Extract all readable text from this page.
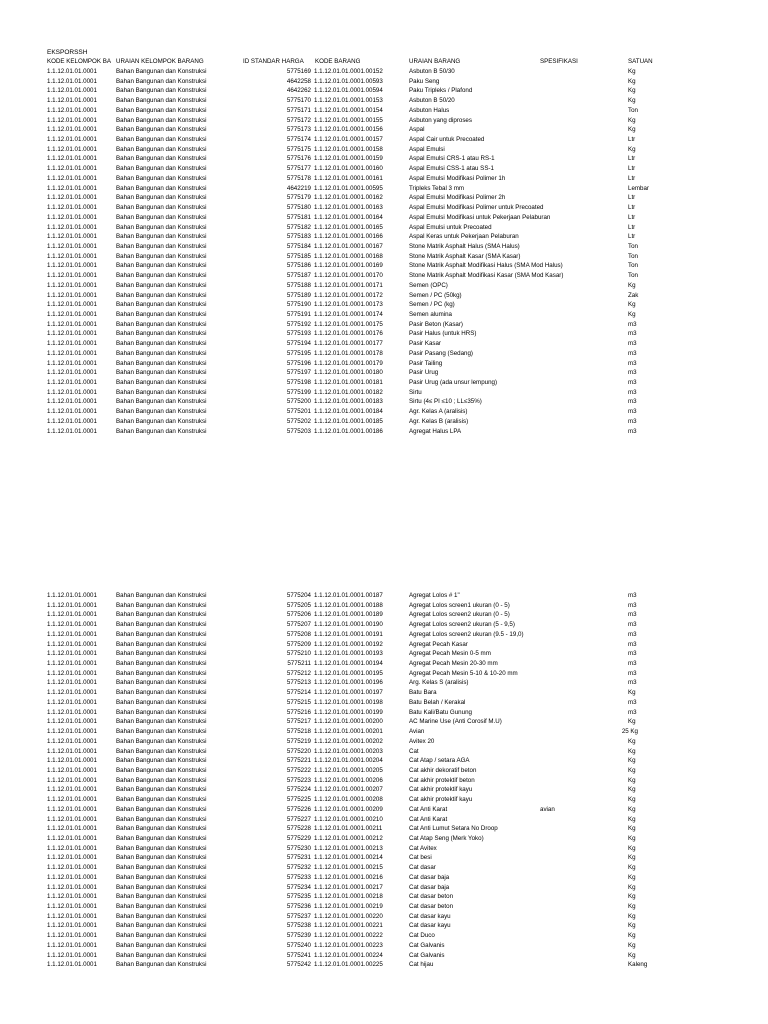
EKSPORSSH
KODE KELOMPOK BA URAIAN KELOMPOK BARANG	ID STANDAR HARGA KODE BARANG	URAIAN BARANG	SPESIFIKASI	SATUAN
1.1.12.01.01.0001	Bahan Bangunan dan Konstruksi	5775169 1.1.12.01.01.0001.00152	Asbuton B 50/30	Kg
1.1.12.01.01.0001	Bahan Bangunan dan Konstruksi	4642258 1.1.12.01.01.0001.00593	Paku Seng	Kg
1.1.12.01.01.0001	Bahan Bangunan dan Konstruksi	4642262 1.1.12.01.01.0001.00594	Paku Tripleks / Plafond	Kg
1.1.12.01.01.0001	Bahan Bangunan dan Konstruksi	5775170 1.1.12.01.01.0001.00153	Asbuton B 50/20	Kg
1.1.12.01.01.0001	Bahan Bangunan dan Konstruksi	5775171 1.1.12.01.01.0001.00154	Asbuton Halus	Ton
1.1.12.01.01.0001	Bahan Bangunan dan Konstruksi	5775172 1.1.12.01.01.0001.00155	Asbuton yang diproses	Kg
1.1.12.01.01.0001	Bahan Bangunan dan Konstruksi	5775173 1.1.12.01.01.0001.00156	Aspal	Kg
1.1.12.01.01.0001	Bahan Bangunan dan Konstruksi	5775174 1.1.12.01.01.0001.00157	Aspal Cair untuk Precoated	Ltr
1.1.12.01.01.0001	Bahan Bangunan dan Konstruksi	5775175 1.1.12.01.01.0001.00158	Aspal Emulsi	Kg
1.1.12.01.01.0001	Bahan Bangunan dan Konstruksi	5775176 1.1.12.01.01.0001.00159	Aspal Emulsi CRS-1 atau RS-1	Ltr
1.1.12.01.01.0001	Bahan Bangunan dan Konstruksi	5775177 1.1.12.01.01.0001.00160	Aspal Emulsi CSS-1 atau SS-1	Ltr
1.1.12.01.01.0001	Bahan Bangunan dan Konstruksi	5775178 1.1.12.01.01.0001.00161	Aspal Emulsi Modifikasi Polimer 1h	Ltr
1.1.12.01.01.0001	Bahan Bangunan dan Konstruksi	4642219 1.1.12.01.01.0001.00595	Tripleks Tebal 3 mm	Lembar
1.1.12.01.01.0001	Bahan Bangunan dan Konstruksi	5775179 1.1.12.01.01.0001.00162	Aspal Emulsi Modifikasi Polimer 2h	Ltr
1.1.12.01.01.0001	Bahan Bangunan dan Konstruksi	5775180 1.1.12.01.01.0001.00163	Aspal Emulsi Modifikasi Polimer untuk Precoated	Ltr
1.1.12.01.01.0001	Bahan Bangunan dan Konstruksi	5775181 1.1.12.01.01.0001.00164	Aspal Emulsi Modifikasi untuk Pekerjaan Pelaburan	Ltr
1.1.12.01.01.0001	Bahan Bangunan dan Konstruksi	5775182 1.1.12.01.01.0001.00165	Aspal Emulsi untuk Precoated	Ltr
1.1.12.01.01.0001	Bahan Bangunan dan Konstruksi	5775183 1.1.12.01.01.0001.00166	Aspal Keras untuk Pekerjaan Pelaburan	Ltr
1.1.12.01.01.0001	Bahan Bangunan dan Konstruksi	5775184 1.1.12.01.01.0001.00167	Stone Matrik Asphalt Halus (SMA Halus)	Ton
1.1.12.01.01.0001	Bahan Bangunan dan Konstruksi	5775185 1.1.12.01.01.0001.00168	Stone Matrik Asphalt Kasar (SMA Kasar)	Ton
1.1.12.01.01.0001	Bahan Bangunan dan Konstruksi	5775186 1.1.12.01.01.0001.00169	Stone Matrik Asphalt Modifikasi Halus (SMA Mod Halus)	Ton
1.1.12.01.01.0001	Bahan Bangunan dan Konstruksi	5775187 1.1.12.01.01.0001.00170	Stone Matrik Asphalt Modifikasi Kasar (SMA Mod Kasar)	Ton
1.1.12.01.01.0001	Bahan Bangunan dan Konstruksi	5775188 1.1.12.01.01.0001.00171	Semen (OPC)	Kg
1.1.12.01.01.0001	Bahan Bangunan dan Konstruksi	5775189 1.1.12.01.01.0001.00172	Semen / PC (50kg)	Zak
1.1.12.01.01.0001	Bahan Bangunan dan Konstruksi	5775190 1.1.12.01.01.0001.00173	Semen / PC (kg)	Kg
1.1.12.01.01.0001	Bahan Bangunan dan Konstruksi	5775191 1.1.12.01.01.0001.00174	Semen alumina	Kg
1.1.12.01.01.0001	Bahan Bangunan dan Konstruksi	5775192 1.1.12.01.01.0001.00175	Pasir Beton (Kasar)	m3
1.1.12.01.01.0001	Bahan Bangunan dan Konstruksi	5775193 1.1.12.01.01.0001.00176	Pasir Halus (untuk HRS)	m3
1.1.12.01.01.0001	Bahan Bangunan dan Konstruksi	5775194 1.1.12.01.01.0001.00177	Pasir Kasar	m3
1.1.12.01.01.0001	Bahan Bangunan dan Konstruksi	5775195 1.1.12.01.01.0001.00178	Pasir Pasang (Sedang)	m3
1.1.12.01.01.0001	Bahan Bangunan dan Konstruksi	5775196 1.1.12.01.01.0001.00179	Pasir Tailing	m3
1.1.12.01.01.0001	Bahan Bangunan dan Konstruksi	5775197 1.1.12.01.01.0001.00180	Pasir Urug	m3
1.1.12.01.01.0001	Bahan Bangunan dan Konstruksi	5775198 1.1.12.01.01.0001.00181	Pasir Urug (ada unsur lempung)	m3
1.1.12.01.01.0001	Bahan Bangunan dan Konstruksi	5775199 1.1.12.01.01.0001.00182	Sirtu	m3
1.1.12.01.01.0001	Bahan Bangunan dan Konstruksi	5775200 1.1.12.01.01.0001.00183	Sirtu (4≤ PI ≤10 ; LL≤35%)	m3
1.1.12.01.01.0001	Bahan Bangunan dan Konstruksi	5775201 1.1.12.01.01.0001.00184	Agr. Kelas A (aralisis)	m3
1.1.12.01.01.0001	Bahan Bangunan dan Konstruksi	5775202 1.1.12.01.01.0001.00185	Agr. Kelas B (aralisis)	m3
1.1.12.01.01.0001	Bahan Bangunan dan Konstruksi	5775203 1.1.12.01.01.0001.00186	Agregat Halus LPA	m3
1.1.12.01.01.0001	Bahan Bangunan dan Konstruksi	5775204 1.1.12.01.01.0001.00187	Agregat Lolos # 1"	m3
1.1.12.01.01.0001	Bahan Bangunan dan Konstruksi	5775205 1.1.12.01.01.0001.00188	Agregat Lolos screen1 ukuran (0 - 5)	m3
1.1.12.01.01.0001	Bahan Bangunan dan Konstruksi	5775206 1.1.12.01.01.0001.00189	Agregat Lolos screen2 ukuran (0 - 5)	m3
1.1.12.01.01.0001	Bahan Bangunan dan Konstruksi	5775207 1.1.12.01.01.0001.00190	Agregat Lolos screen2 ukuran (5 - 9,5)	m3
1.1.12.01.01.0001	Bahan Bangunan dan Konstruksi	5775208 1.1.12.01.01.0001.00191	Agregat Lolos screen2 ukuran (9.5 - 19,0)	m3
1.1.12.01.01.0001	Bahan Bangunan dan Konstruksi	5775209 1.1.12.01.01.0001.00192	Agregat Pecah Kasar	m3
1.1.12.01.01.0001	Bahan Bangunan dan Konstruksi	5775210 1.1.12.01.01.0001.00193	Agregat Pecah Mesin 0-5 mm	m3
1.1.12.01.01.0001	Bahan Bangunan dan Konstruksi	5775211 1.1.12.01.01.0001.00194	Agregat Pecah Mesin 20-30 mm	m3
1.1.12.01.01.0001	Bahan Bangunan dan Konstruksi	5775212 1.1.12.01.01.0001.00195	Agregat Pecah Mesin 5-10 & 10-20 mm	m3
1.1.12.01.01.0001	Bahan Bangunan dan Konstruksi	5775213 1.1.12.01.01.0001.00196	Arg. Kelas S (aralisis)	m3
1.1.12.01.01.0001	Bahan Bangunan dan Konstruksi	5775214 1.1.12.01.01.0001.00197	Batu Bara	Kg
1.1.12.01.01.0001	Bahan Bangunan dan Konstruksi	5775215 1.1.12.01.01.0001.00198	Batu Belah / Kerakal	m3
1.1.12.01.01.0001	Bahan Bangunan dan Konstruksi	5775216 1.1.12.01.01.0001.00199	Batu Kali/Batu Gunung	m3
1.1.12.01.01.0001	Bahan Bangunan dan Konstruksi	5775217 1.1.12.01.01.0001.00200	AC Marine Use (Anti Corosif M.U)	Kg
1.1.12.01.01.0001	Bahan Bangunan dan Konstruksi	5775218 1.1.12.01.01.0001.00201	Avian	25 Kg
1.1.12.01.01.0001	Bahan Bangunan dan Konstruksi	5775219 1.1.12.01.01.0001.00202	Avitex 20	Kg
1.1.12.01.01.0001	Bahan Bangunan dan Konstruksi	5775220 1.1.12.01.01.0001.00203	Cat	Kg
1.1.12.01.01.0001	Bahan Bangunan dan Konstruksi	5775221 1.1.12.01.01.0001.00204	Cat Atap / setara AGA	Kg
1.1.12.01.01.0001	Bahan Bangunan dan Konstruksi	5775222 1.1.12.01.01.0001.00205	Cat akhir dekoratif beton	Kg
1.1.12.01.01.0001	Bahan Bangunan dan Konstruksi	5775223 1.1.12.01.01.0001.00206	Cat akhir protektif beton	Kg
1.1.12.01.01.0001	Bahan Bangunan dan Konstruksi	5775224 1.1.12.01.01.0001.00207	Cat akhir protektif kayu	Kg
1.1.12.01.01.0001	Bahan Bangunan dan Konstruksi	5775225 1.1.12.01.01.0001.00208	Cat akhir protektif kayu	Kg
1.1.12.01.01.0001	Bahan Bangunan dan Konstruksi	5775226 1.1.12.01.01.0001.00209	Cat Anti Karat	avian	Kg
1.1.12.01.01.0001	Bahan Bangunan dan Konstruksi	5775227 1.1.12.01.01.0001.00210	Cat Anti Karat	Kg
1.1.12.01.01.0001	Bahan Bangunan dan Konstruksi	5775228 1.1.12.01.01.0001.00211	Cat Anti Lumut Setara No Droop	Kg
1.1.12.01.01.0001	Bahan Bangunan dan Konstruksi	5775229 1.1.12.01.01.0001.00212	Cat Atap Seng (Merk Yoko)	Kg
1.1.12.01.01.0001	Bahan Bangunan dan Konstruksi	5775230 1.1.12.01.01.0001.00213	Cat Avitex	Kg
1.1.12.01.01.0001	Bahan Bangunan dan Konstruksi	5775231 1.1.12.01.01.0001.00214	Cat besi	Kg
1.1.12.01.01.0001	Bahan Bangunan dan Konstruksi	5775232 1.1.12.01.01.0001.00215	Cat dasar	Kg
1.1.12.01.01.0001	Bahan Bangunan dan Konstruksi	5775233 1.1.12.01.01.0001.00216	Cat dasar baja	Kg
1.1.12.01.01.0001	Bahan Bangunan dan Konstruksi	5775234 1.1.12.01.01.0001.00217	Cat dasar baja	Kg
1.1.12.01.01.0001	Bahan Bangunan dan Konstruksi	5775235 1.1.12.01.01.0001.00218	Cat dasar beton	Kg
1.1.12.01.01.0001	Bahan Bangunan dan Konstruksi	5775236 1.1.12.01.01.0001.00219	Cat dasar beton	Kg
1.1.12.01.01.0001	Bahan Bangunan dan Konstruksi	5775237 1.1.12.01.01.0001.00220	Cat dasar kayu	Kg
1.1.12.01.01.0001	Bahan Bangunan dan Konstruksi	5775238 1.1.12.01.01.0001.00221	Cat dasar kayu	Kg
1.1.12.01.01.0001	Bahan Bangunan dan Konstruksi	5775239 1.1.12.01.01.0001.00222	Cat Duco	Kg
1.1.12.01.01.0001	Bahan Bangunan dan Konstruksi	5775240 1.1.12.01.01.0001.00223	Cat Galvanis	Kg
1.1.12.01.01.0001	Bahan Bangunan dan Konstruksi	5775241 1.1.12.01.01.0001.00224	Cat Galvanis	Kg
1.1.12.01.01.0001	Bahan Bangunan dan Konstruksi	5775242 1.1.12.01.01.0001.00225	Cat hijau	Kaleng
